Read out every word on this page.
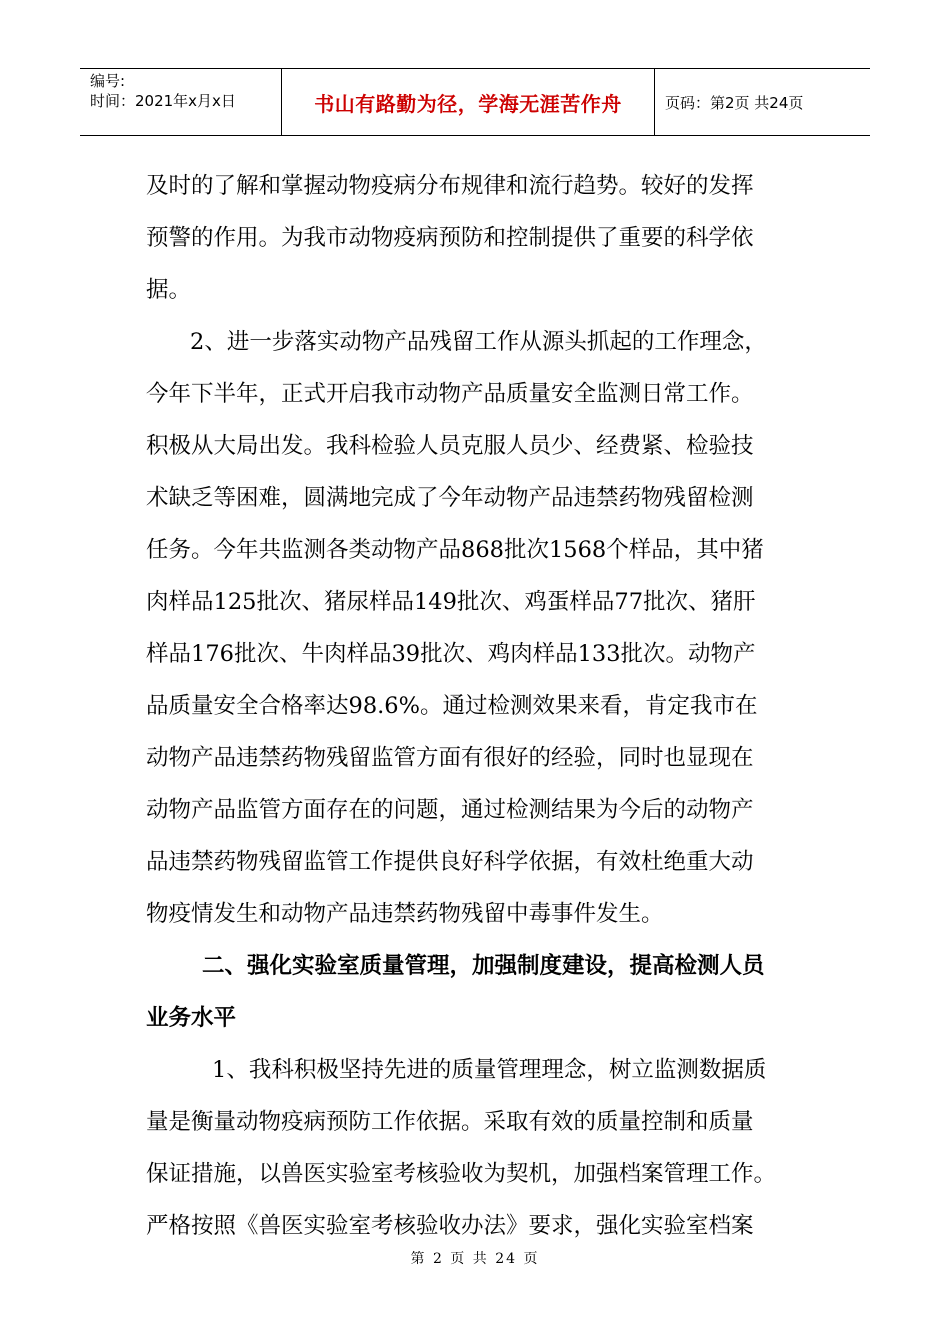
编号:
时间：2021年x月x日	书山有路勤为径，学海无涯苦作舟	页码：第2页 共24页
及时的了解和掌握动物疫病分布规律和流行趋势。较好的发挥
预警的作用。为我市动物疫病预防和控制提供了重要的科学依
据。
2、进一步落实动物产品残留工作从源头抓起的工作理念，
今年下半年，正式开启我市动物产品质量安全监测日常工作。
积极从大局出发。我科检验人员克服人员少、经费紧、检验技
术缺乏等困难，圆满地完成了今年动物产品违禁药物残留检测
任务。今年共监测各类动物产品868批次1568个样品，其中猪
肉样品125批次、猪尿样品149批次、鸡蛋样品77批次、猪肝
样品176批次、牛肉样品39批次、鸡肉样品133批次。动物产
品质量安全合格率达98.6%。通过检测效果来看，肯定我市在
动物产品违禁药物残留监管方面有很好的经验，同时也显现在
动物产品监管方面存在的问题，通过检测结果为今后的动物产
品违禁药物残留监管工作提供良好科学依据，有效杜绝重大动
物疫情发生和动物产品违禁药物残留中毒事件发生。
二、强化实验室质量管理，加强制度建设，提高检测人员
业务水平
1、我科积极坚持先进的质量管理理念，树立监测数据质
量是衡量动物疫病预防工作依据。采取有效的质量控制和质量
保证措施，以兽医实验室考核验收为契机，加强档案管理工作。
严格按照《兽医实验室考核验收办法》要求，强化实验室档案
第 2 页 共 24 页
